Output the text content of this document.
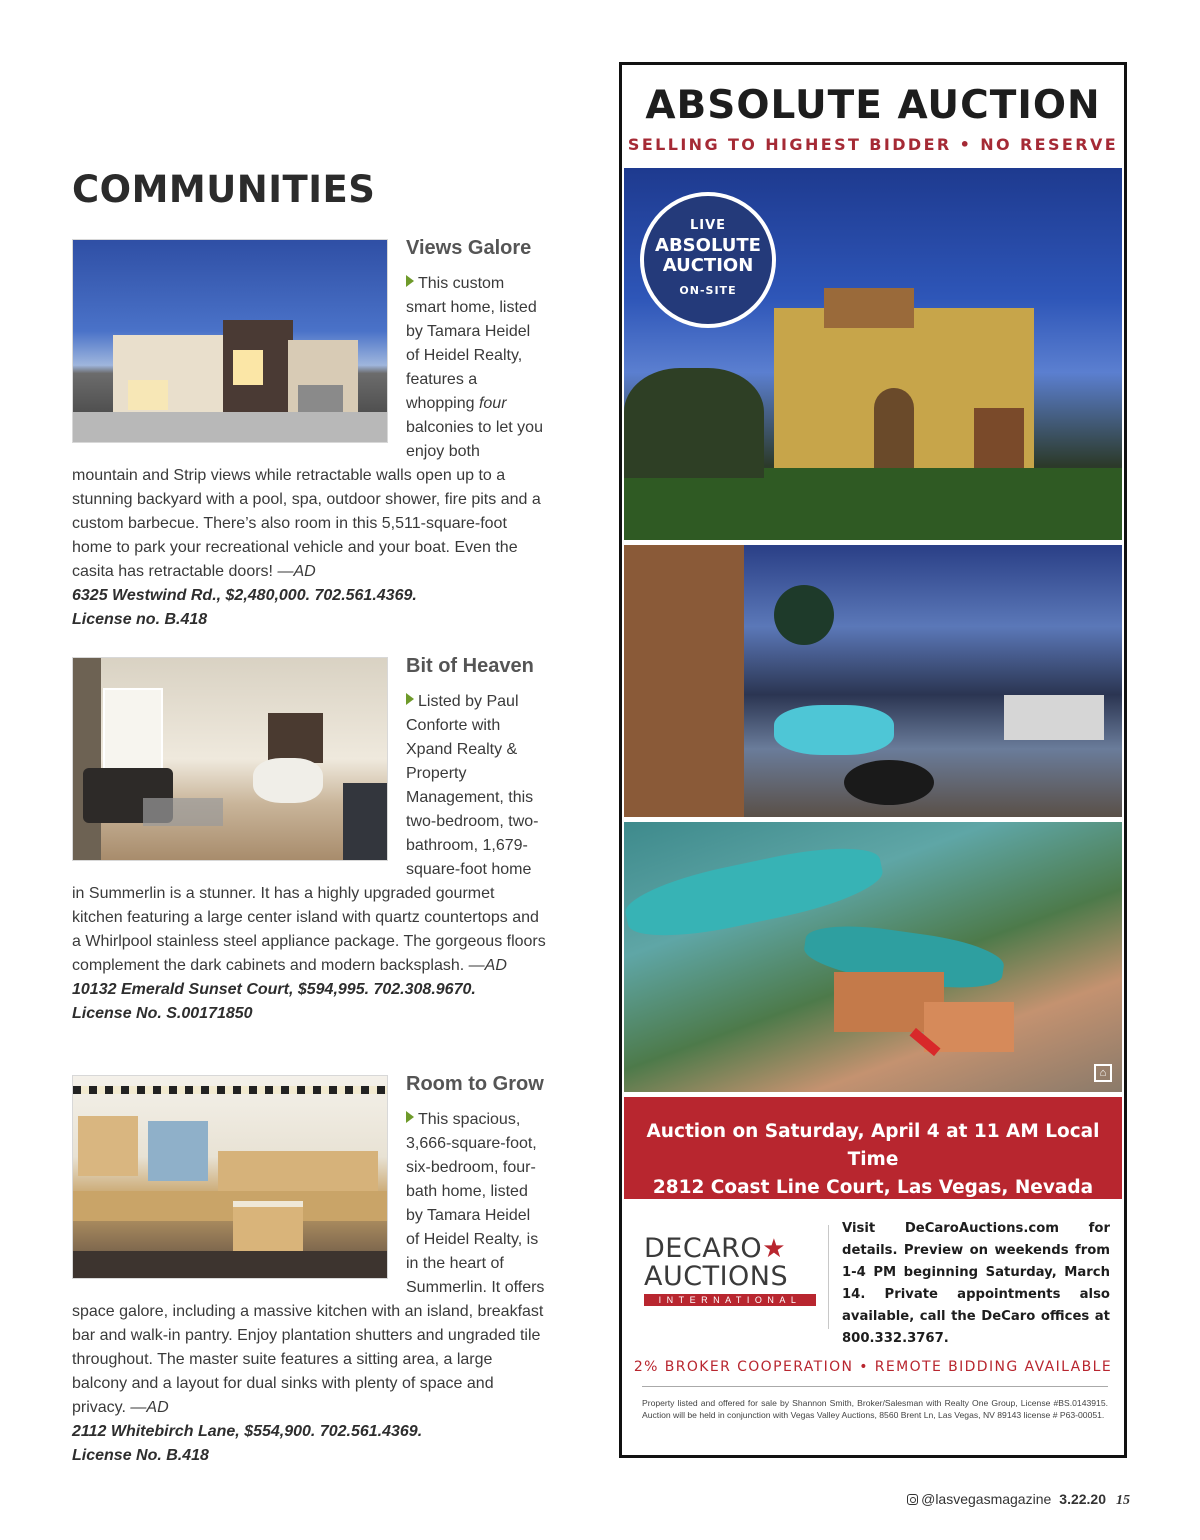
COMMUNITIES
Views Galore

This custom smart home, listed by Tamara Heidel of Heidel Realty, features a whopping four balconies to let you enjoy both mountain and Strip views while retractable walls open up to a stunning backyard with a pool, spa, outdoor shower, fire pits and a custom barbecue. There’s also room in this 5,511-square-foot home to park your recreational vehicle and your boat. Even the casita has retractable doors! —AD

6325 Westwind Rd., $2,480,000. 702.561.4369.
License no. B.418
Bit of Heaven

Listed by Paul Conforte with Xpand Realty & Property Management, this two-bedroom, two-bathroom, 1,679-square-foot home in Summerlin is a stunner. It has a highly upgraded gourmet kitchen featuring a large center island with quartz countertops and a Whirlpool stainless steel appliance package. The gorgeous floors complement the dark cabinets and modern backsplash. —AD

10132 Emerald Sunset Court, $594,995. 702.308.9670.
License No. S.00171850
Room to Grow

This spacious, 3,666-square-foot, six-bedroom, four-bath home, listed by Tamara Heidel of Heidel Realty, is in the heart of Summerlin. It offers space galore, including a massive kitchen with an island, breakfast bar and walk-in pantry. Enjoy plantation shutters and ungraded tile throughout. The master suite features a sitting area, a large balcony and a layout for dual sinks with plenty of space and privacy. —AD

2112 Whitebirch Lane, $554,900. 702.561.4369.
License No. B.418
ABSOLUTE AUCTION
SELLING TO HIGHEST BIDDER • NO RESERVE
LIVE
ABSOLUTE
AUCTION
ON-SITE
⌂
Auction on Saturday, April 4 at 11 AM Local Time
2812 Coast Line Court, Las Vegas, Nevada 89117
DECARO★
AUCTIONS
INTERNATIONAL
Visit DeCaroAuctions.com for details. Preview on weekends from 1-4 PM beginning Saturday, March 14. Private appointments also available, call the DeCaro offices at 800.332.3767.
2% BROKER COOPERATION • REMOTE BIDDING AVAILABLE
Property listed and offered for sale by Shannon Smith, Broker/Salesman with Realty One Group, License #BS.0143915. Auction will be held in conjunction with Vegas Valley Auctions, 8560 Brent Ln, Las Vegas, NV 89143 license # P63-00051.
@lasvegasmagazine 3.22.20 15
